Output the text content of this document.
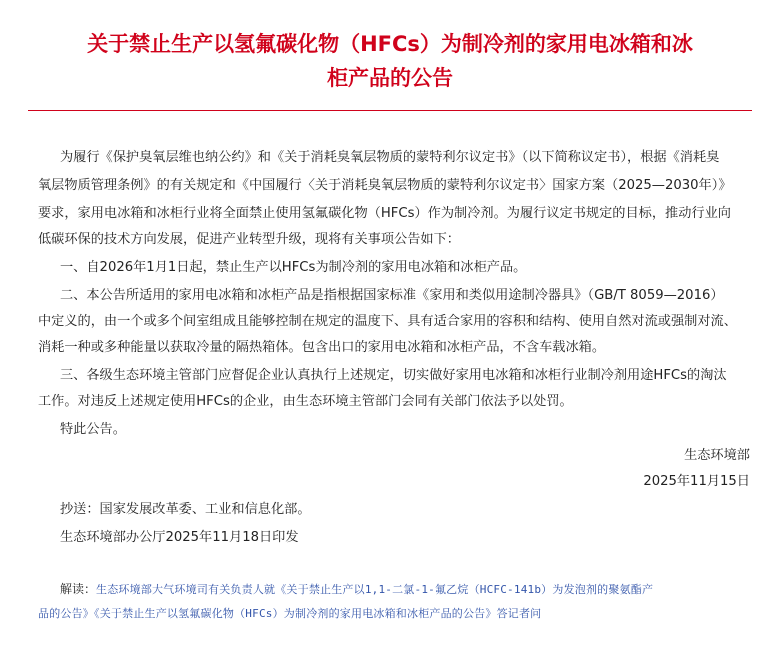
关于禁止生产以氢氟碳化物（HFCs）为制冷剂的家用电冰箱和冰
柜产品的公告

为履行《保护臭氧层维也纳公约》和《关于消耗臭氧层物质的蒙特利尔议定书》（以下简称议定书），根据《消耗臭

氧层物质管理条例》的有关规定和《中国履行〈关于消耗臭氧层物质的蒙特利尔议定书〉国家方案（2025—2030年）》

要求，家用电冰箱和冰柜行业将全面禁止使用氢氟碳化物（HFCs）作为制冷剂。为履行议定书规定的目标，推动行业向

低碳环保的技术方向发展，促进产业转型升级，现将有关事项公告如下：

一、自2026年1月1日起，禁止生产以HFCs为制冷剂的家用电冰箱和冰柜产品。

二、本公告所适用的家用电冰箱和冰柜产品是指根据国家标准《家用和类似用途制冷器具》（GB/T 8059—2016）

中定义的，由一个或多个间室组成且能够控制在规定的温度下、具有适合家用的容积和结构、使用自然对流或强制对流、

消耗一种或多种能量以获取冷量的隔热箱体。包含出口的家用电冰箱和冰柜产品，不含车载冰箱。

三、各级生态环境主管部门应督促企业认真执行上述规定，切实做好家用电冰箱和冰柜行业制冷剂用途HFCs的淘汰

工作。对违反上述规定使用HFCs的企业，由生态环境主管部门会同有关部门依法予以处罚。

特此公告。

生态环境部

2025年11月15日

抄送：国家发展改革委、工业和信息化部。

生态环境部办公厅2025年11月18日印发

解读：生态环境部大气环境司有关负责人就《关于禁止生产以1,1-二氯-1-氟乙烷（HCFC-141b）为发泡剂的聚氨酯产

品的公告》《关于禁止生产以氢氟碳化物（HFCs）为制冷剂的家用电冰箱和冰柜产品的公告》答记者问
